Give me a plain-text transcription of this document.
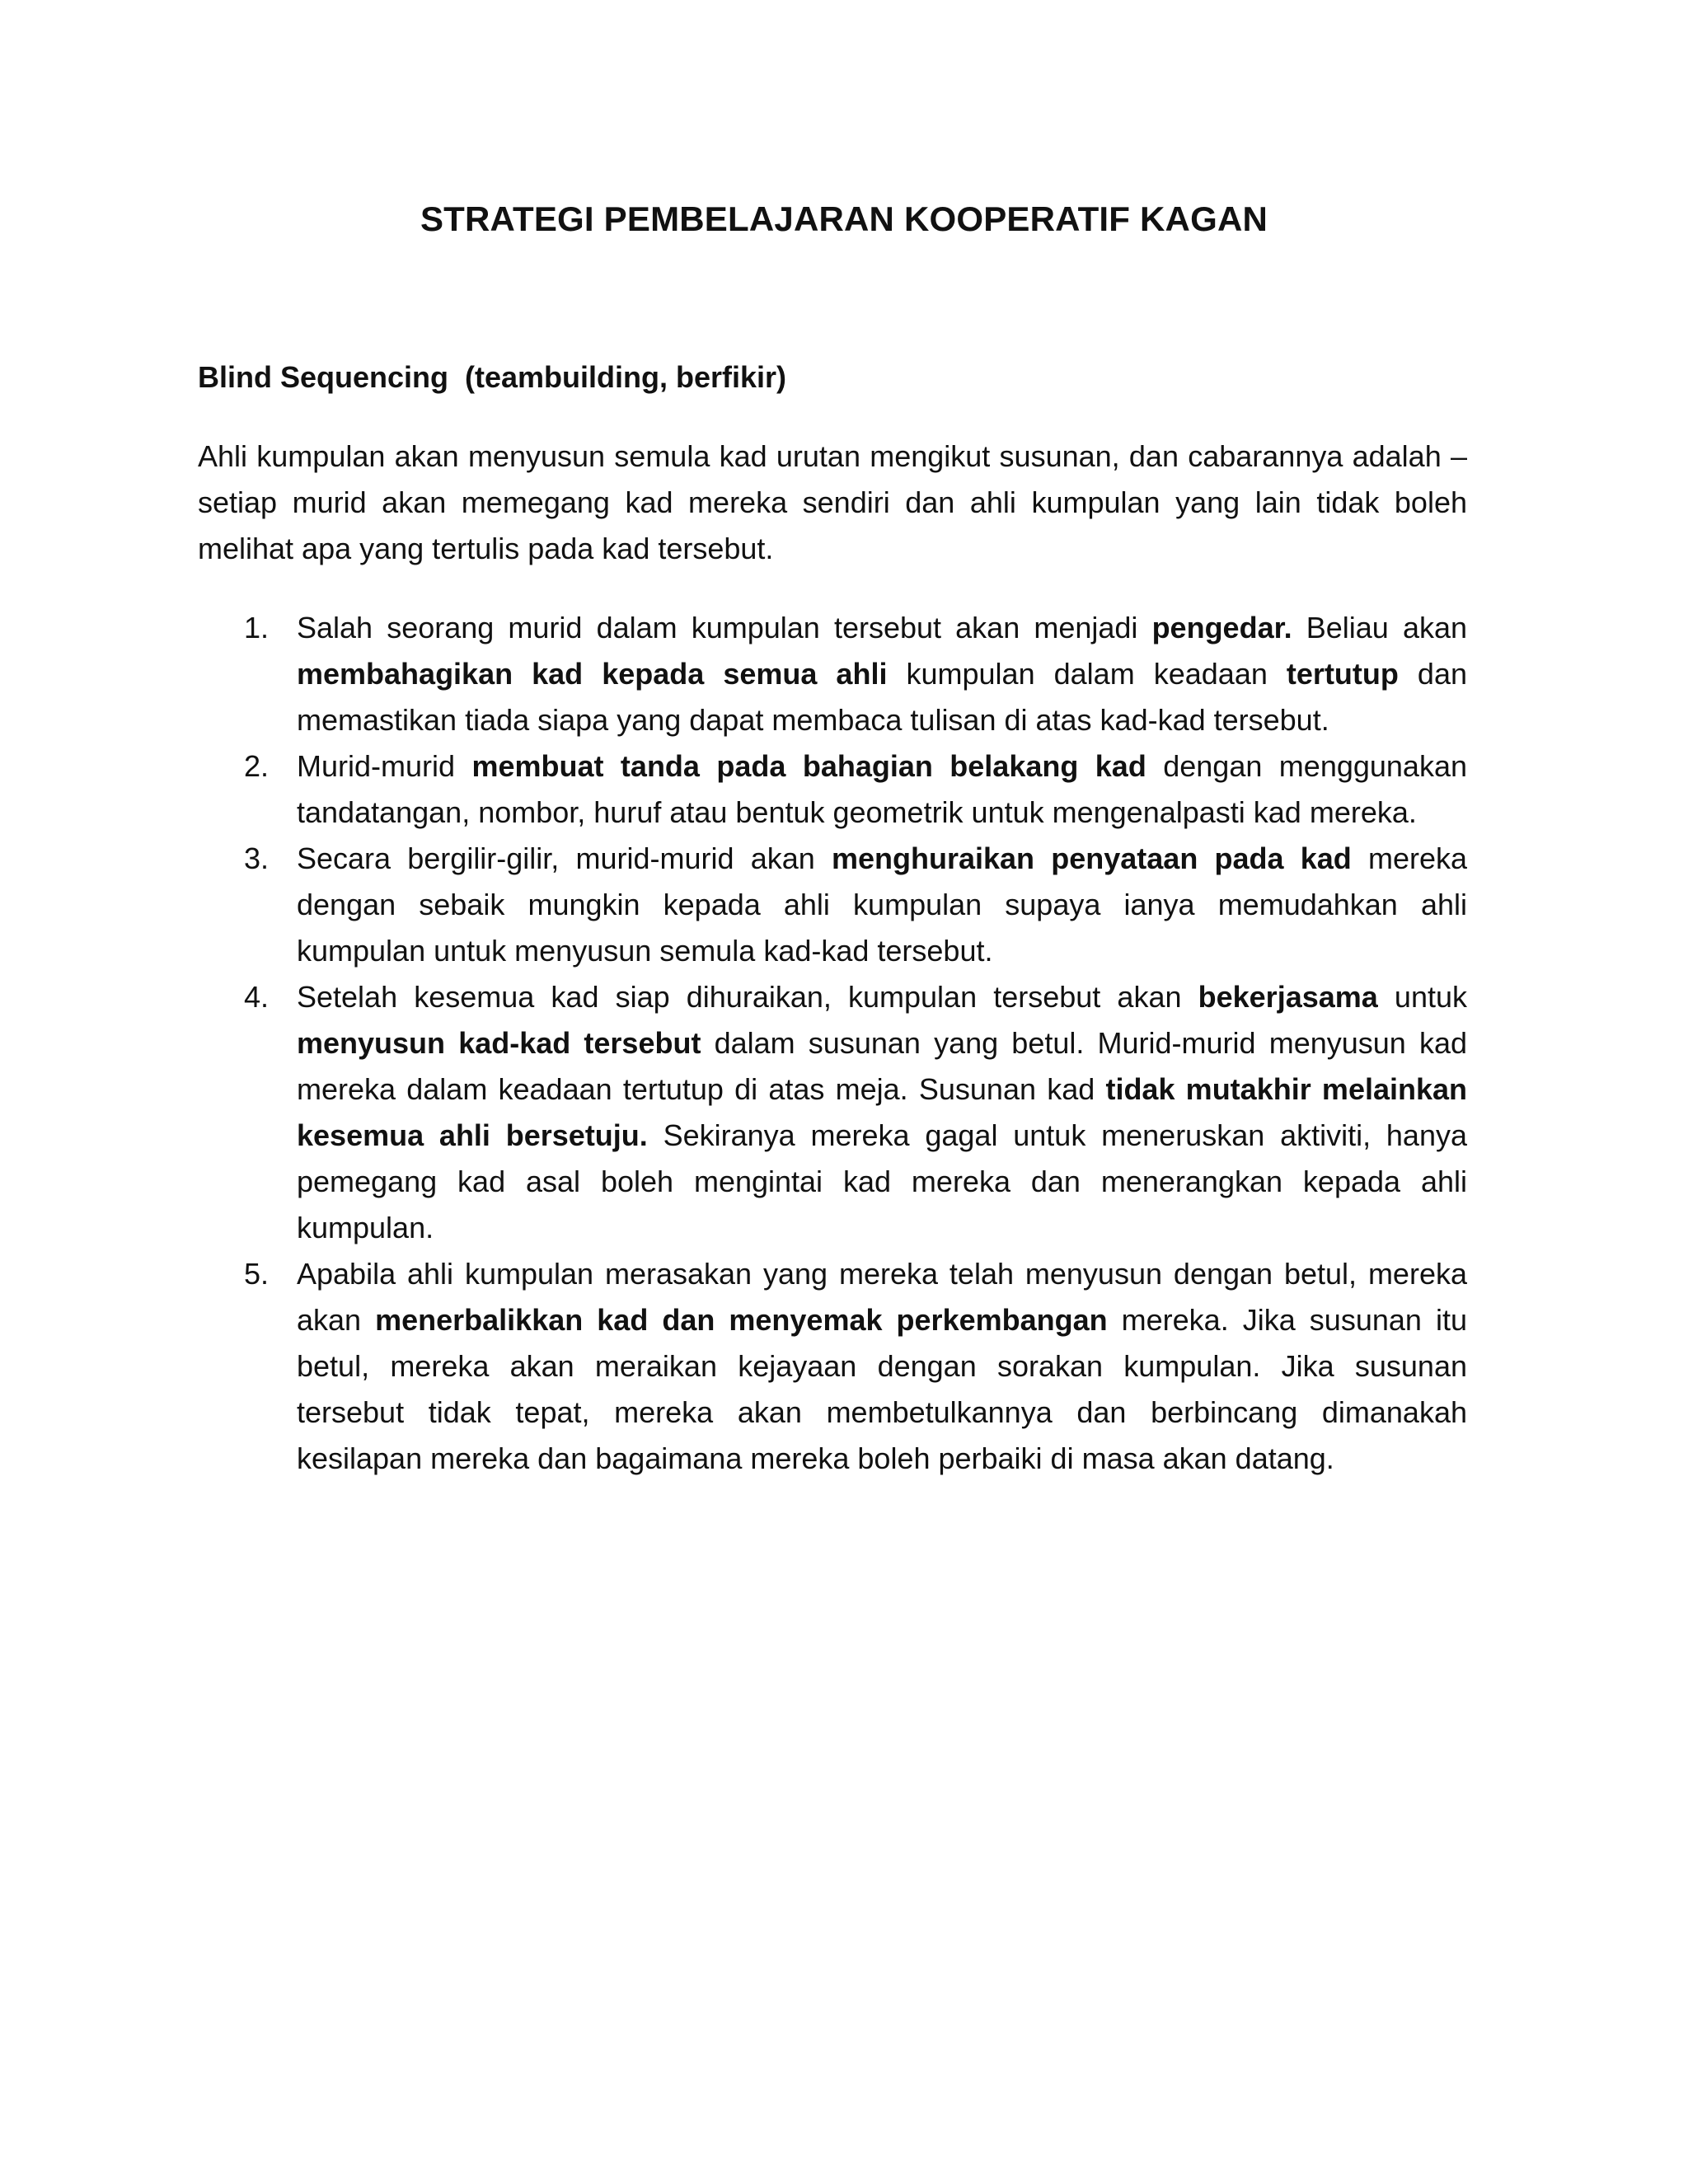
STRATEGI PEMBELAJARAN KOOPERATIF KAGAN
Blind Sequencing  (teambuilding, berfikir)

Ahli kumpulan akan menyusun semula kad urutan mengikut susunan, dan cabarannya adalah – setiap murid akan memegang kad mereka sendiri dan ahli kumpulan yang lain tidak boleh melihat apa yang tertulis pada kad tersebut.

1. Salah seorang murid dalam kumpulan tersebut akan menjadi pengedar. Beliau akan membahagikan kad kepada semua ahli kumpulan dalam keadaan tertutup dan memastikan tiada siapa yang dapat membaca tulisan di atas kad-kad tersebut.
2. Murid-murid membuat tanda pada bahagian belakang kad dengan menggunakan tandatangan, nombor, huruf atau bentuk geometrik untuk mengenalpasti kad mereka.
3. Secara bergilir-gilir, murid-murid akan menghuraikan penyataan pada kad mereka dengan sebaik mungkin kepada ahli kumpulan supaya ianya memudahkan ahli kumpulan untuk menyusun semula kad-kad tersebut.
4. Setelah kesemua kad siap dihuraikan, kumpulan tersebut akan bekerjasama untuk menyusun kad-kad tersebut dalam susunan yang betul. Murid-murid menyusun kad mereka dalam keadaan tertutup di atas meja. Susunan kad tidak mutakhir melainkan kesemua ahli bersetuju. Sekiranya mereka gagal untuk meneruskan aktiviti, hanya pemegang kad asal boleh mengintai kad mereka dan menerangkan kepada ahli kumpulan.
5. Apabila ahli kumpulan merasakan yang mereka telah menyusun dengan betul, mereka akan menerbalikkan kad dan menyemak perkembangan mereka. Jika susunan itu betul, mereka akan meraikan kejayaan dengan sorakan kumpulan. Jika susunan tersebut tidak tepat, mereka akan membetulkannya dan berbincang dimanakah kesilapan mereka dan bagaimana mereka boleh perbaiki di masa akan datang.
